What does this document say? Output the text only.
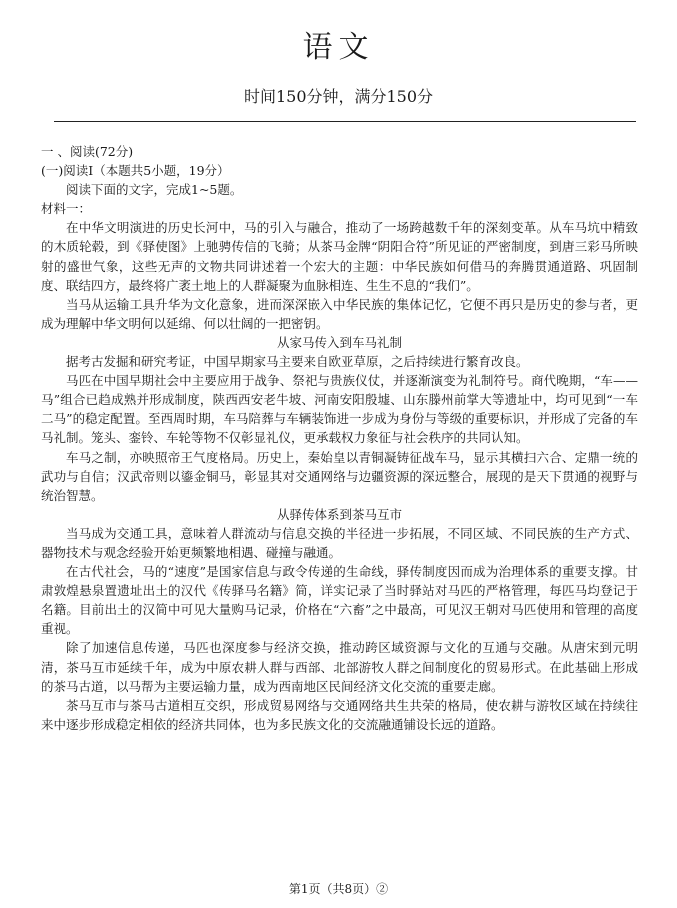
语文
时间150分钟，满分150分

一 、阅读(72分)

(一)阅读I（本题共5小题，19分）

阅读下面的文字，完成1~5题。

材料一：

在中华文明演进的历史长河中，马的引入与融合，推动了一场跨越数千年的深刻变革。从车马坑中精致的木质轮毂，到《驿使图》上驰骋传信的飞骑；从茶马金牌“阴阳合符”所见证的严密制度，到唐三彩马所映射的盛世气象，这些无声的文物共同讲述着一个宏大的主题：中华民族如何借马的奔腾贯通道路、巩固制度、联结四方，最终将广袤土地上的人群凝聚为血脉相连、生生不息的“我们”。

当马从运输工具升华为文化意象，进而深深嵌入中华民族的集体记忆，它便不再只是历史的参与者，更成为理解中华文明何以延绵、何以壮阔的一把密钥。

从家马传入到车马礼制

据考古发掘和研究考证，中国早期家马主要来自欧亚草原，之后持续进行繁育改良。

马匹在中国早期社会中主要应用于战争、祭祀与贵族仪仗，并逐渐演变为礼制符号。商代晚期，“车——马”组合已趋成熟并形成制度，陕西西安老牛坡、河南安阳殷墟、山东滕州前掌大等遗址中，均可见到“一车二马”的稳定配置。至西周时期，车马陪葬与车辆装饰进一步成为身份与等级的重要标识，并形成了完备的车马礼制。笼头、銮铃、车轮等物不仅彰显礼仪，更承载权力象征与社会秩序的共同认知。

车马之制，亦映照帝王气度格局。历史上，秦始皇以青铜凝铸征战车马，显示其横扫六合、定鼎一统的武功与自信；汉武帝则以鎏金铜马，彰显其对交通网络与边疆资源的深远整合，展现的是天下贯通的视野与统治智慧。

从驿传体系到茶马互市

当马成为交通工具，意味着人群流动与信息交换的半径进一步拓展，不同区域、不同民族的生产方式、器物技术与观念经验开始更频繁地相遇、碰撞与融通。

在古代社会，马的“速度”是国家信息与政令传递的生命线，驿传制度因而成为治理体系的重要支撑。甘肃敦煌悬泉置遗址出土的汉代《传驿马名籍》简，详实记录了当时驿站对马匹的严格管理，每匹马均登记于名籍。目前出土的汉简中可见大量购马记录，价格在“六畜”之中最高，可见汉王朝对马匹使用和管理的高度重视。

除了加速信息传递，马匹也深度参与经济交换，推动跨区域资源与文化的互通与交融。从唐宋到元明清，茶马互市延续千年，成为中原农耕人群与西部、北部游牧人群之间制度化的贸易形式。在此基础上形成的茶马古道，以马帮为主要运输力量，成为西南地区民间经济文化交流的重要走廊。

茶马互市与茶马古道相互交织，形成贸易网络与交通网络共生共荣的格局，使农耕与游牧区域在持续往来中逐步形成稳定相依的经济共同体，也为多民族文化的交流融通铺设长远的道路。

第1页（共8页）②
